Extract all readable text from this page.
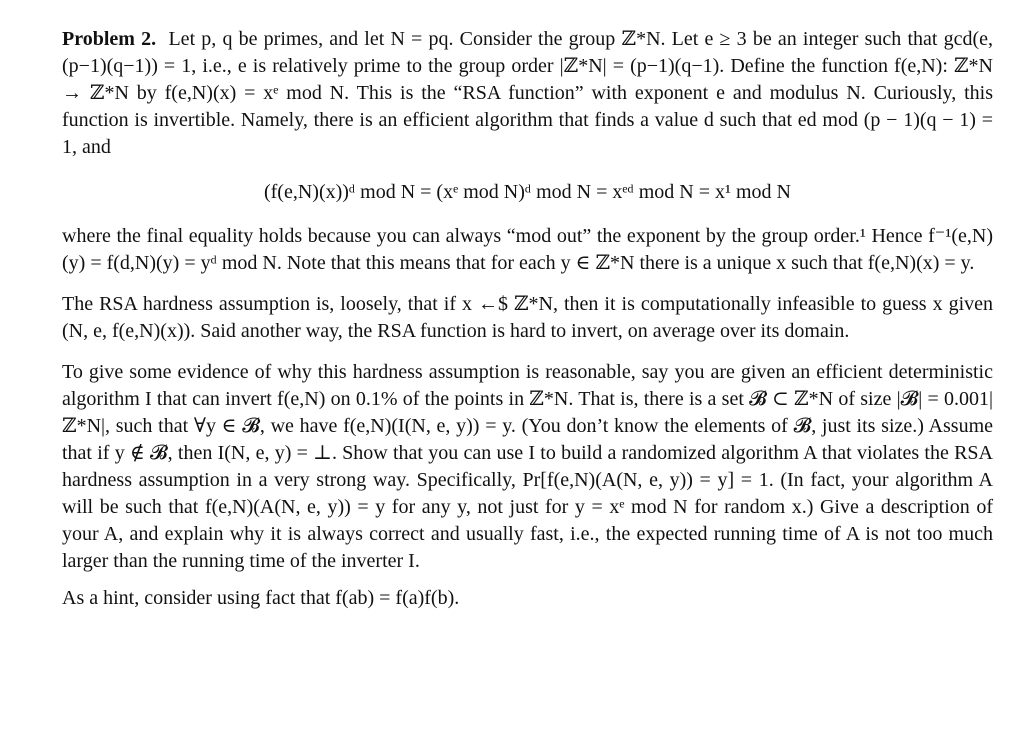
Problem 2. Let p, q be primes, and let N = pq. Consider the group ℤ*N. Let e ≥ 3 be an integer such that gcd(e, (p−1)(q−1)) = 1, i.e., e is relatively prime to the group order |ℤ*N| = (p−1)(q−1). Define the function f(e,N): ℤ*N → ℤ*N by f(e,N)(x) = xᵉ mod N. This is the “RSA function” with exponent e and modulus N. Curiously, this function is invertible. Namely, there is an efficient algorithm that finds a value d such that ed mod (p − 1)(q − 1) = 1, and

(f(e,N)(x))ᵈ mod N = (xᵉ mod N)ᵈ mod N = xᵉᵈ mod N = x¹ mod N

where the final equality holds because you can always “mod out” the exponent by the group order.¹ Hence f⁻¹(e,N)(y) = f(d,N)(y) = yᵈ mod N. Note that this means that for each y ∈ ℤ*N there is a unique x such that f(e,N)(x) = y.

The RSA hardness assumption is, loosely, that if x ←$ ℤ*N, then it is computationally infeasible to guess x given (N, e, f(e,N)(x)). Said another way, the RSA function is hard to invert, on average over its domain.

To give some evidence of why this hardness assumption is reasonable, say you are given an efficient deterministic algorithm I that can invert f(e,N) on 0.1% of the points in ℤ*N. That is, there is a set 𝓑 ⊂ ℤ*N of size |𝓑| = 0.001|ℤ*N|, such that ∀y ∈ 𝓑, we have f(e,N)(I(N, e, y)) = y. (You don’t know the elements of 𝓑, just its size.) Assume that if y ∉ 𝓑, then I(N, e, y) = ⊥. Show that you can use I to build a randomized algorithm A that violates the RSA hardness assumption in a very strong way. Specifically, Pr[f(e,N)(A(N, e, y)) = y] = 1. (In fact, your algorithm A will be such that f(e,N)(A(N, e, y)) = y for any y, not just for y = xᵉ mod N for random x.) Give a description of your A, and explain why it is always correct and usually fast, i.e., the expected running time of A is not too much larger than the running time of the inverter I.

As a hint, consider using fact that f(ab) = f(a)f(b).
